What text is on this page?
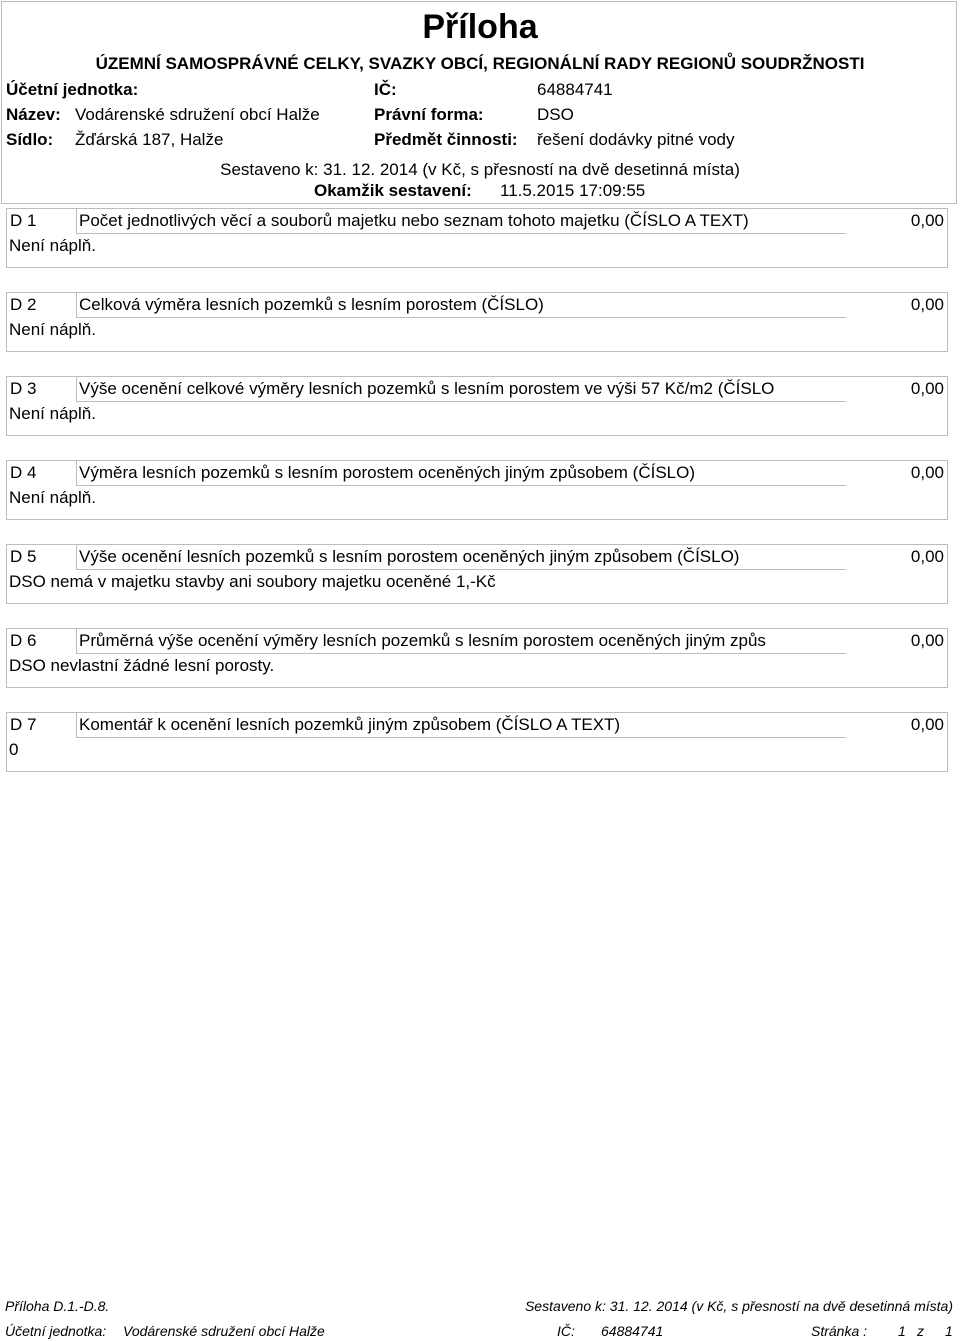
Příloha
ÚZEMNÍ SAMOSPRÁVNÉ CELKY, SVAZKY OBCÍ, REGIONÁLNÍ RADY REGIONŮ SOUDRŽNOSTI
Účetní jednotka:	IČ:	64884741
Název: Vodárenské sdružení obcí Halže	Právní forma:	DSO
Sídlo: Žďárská 187, Halže	Předmět činnosti: řešení dodávky pitné vody
Sestaveno k: 31. 12. 2014 (v Kč, s přesností na dvě desetinná místa)
Okamžik sestavení: 11.5.2015 17:09:55
D 1	Počet jednotlivých věcí a souborů majetku nebo seznam tohoto majetku (ČÍSLO A TEXT)	0,00
Není náplň.
D 2	Celková výměra lesních pozemků s lesním porostem (ČÍSLO)	0,00
Není náplň.
D 3	Výše ocenění celkové výměry lesních pozemků s lesním porostem ve výši 57 Kč/m2 (ČÍSLO	0,00
Není náplň.
D 4	Výměra lesních pozemků s lesním porostem oceněných jiným způsobem (ČÍSLO)	0,00
Není náplň.
D 5	Výše ocenění lesních pozemků s lesním porostem oceněných jiným způsobem (ČÍSLO)	0,00
DSO nemá v majetku stavby ani soubory majetku oceněné 1,-Kč
D 6	Průměrná výše ocenění výměry lesních pozemků s lesním porostem oceněných jiným způs	0,00
DSO nevlastní žádné lesní porosty.
D 7	Komentář k ocenění lesních pozemků jiným způsobem (ČÍSLO A TEXT)	0,00
0
Příloha D.1.-D.8.	Sestaveno k: 31. 12. 2014 (v Kč, s přesností na dvě desetinná místa)
Účetní jednotka: Vodárenské sdružení obcí Halže	IČ: 64884741	Stránka : 1 z 1
